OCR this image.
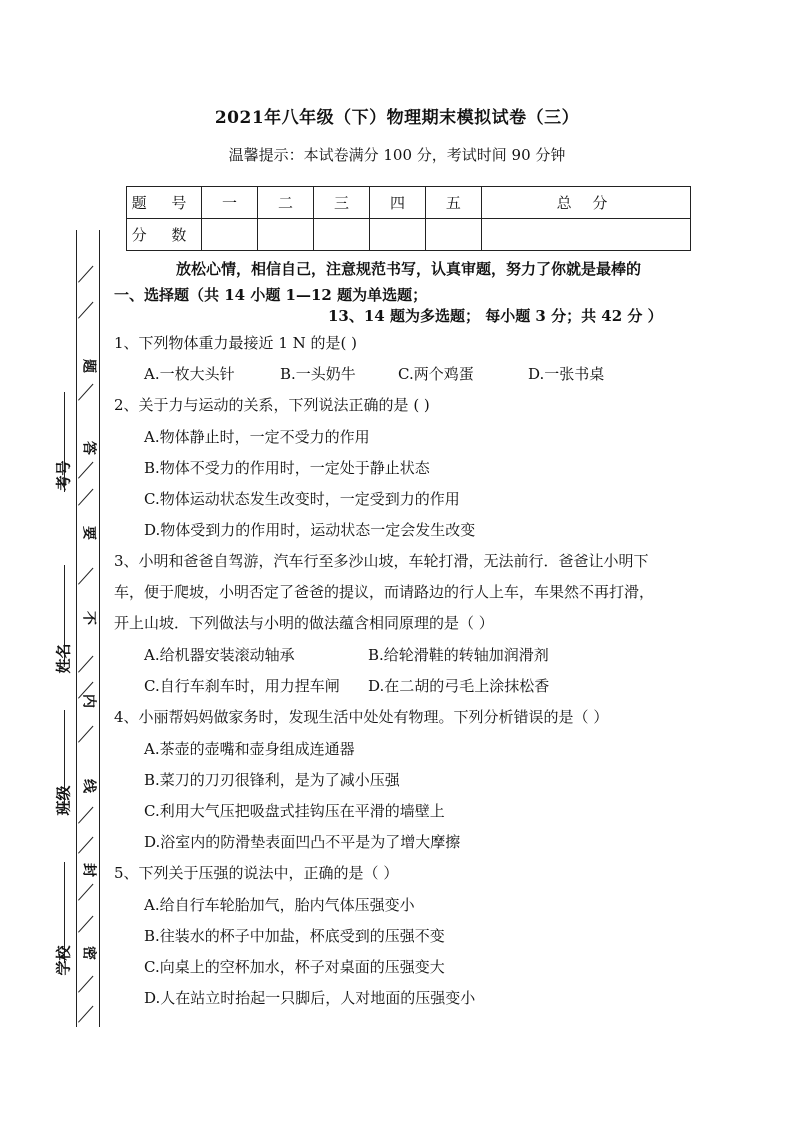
2021年八年级（下）物理期末模拟试卷（三）
温馨提示：本试卷满分 100 分，考试时间 90 分钟
题 号	一	二	三	四	五	总 分
分 数						
题
答
要
不
内
线
封
密
考号
姓名
班级
学校
放松心情，相信自己，注意规范书写，认真审题，努力了你就是最棒的
一、选择题（共 14 小题 1—12 题为单选题；
13、14 题为多选题； 每小题 3 分；共 42 分 ）
1、下列物体重力最接近 1 N 的是( )
A.一枚大头针	B.一头奶牛	C.两个鸡蛋	D.一张书桌
2、关于力与运动的关系，下列说法正确的是 ( )
A.物体静止时，一定不受力的作用
B.物体不受力的作用时，一定处于静止状态
C.物体运动状态发生改变时，一定受到力的作用
D.物体受到力的作用时，运动状态一定会发生改变
3、小明和爸爸自驾游，汽车行至多沙山坡，车轮打滑，无法前行．爸爸让小明下
车，便于爬坡，小明否定了爸爸的提议，而请路边的行人上车，车果然不再打滑，
开上山坡．下列做法与小明的做法蕴含相同原理的是（ ）
A.给机器安装滚动轴承	B.给轮滑鞋的转轴加润滑剂
C.自行车刹车时，用力捏车闸 D.在二胡的弓毛上涂抹松香
4、小丽帮妈妈做家务时，发现生活中处处有物理。下列分析错误的是（ ）
A.茶壶的壶嘴和壶身组成连通器
B.菜刀的刀刃很锋利，是为了减小压强
C.利用大气压把吸盘式挂钩压在平滑的墙壁上
D.浴室内的防滑垫表面凹凸不平是为了增大摩擦
5、下列关于压强的说法中，正确的是（ ）
A.给自行车轮胎加气，胎内气体压强变小
B.往装水的杯子中加盐，杯底受到的压强不变
C.向桌上的空杯加水，杯子对桌面的压强变大
D.人在站立时抬起一只脚后，人对地面的压强变小
